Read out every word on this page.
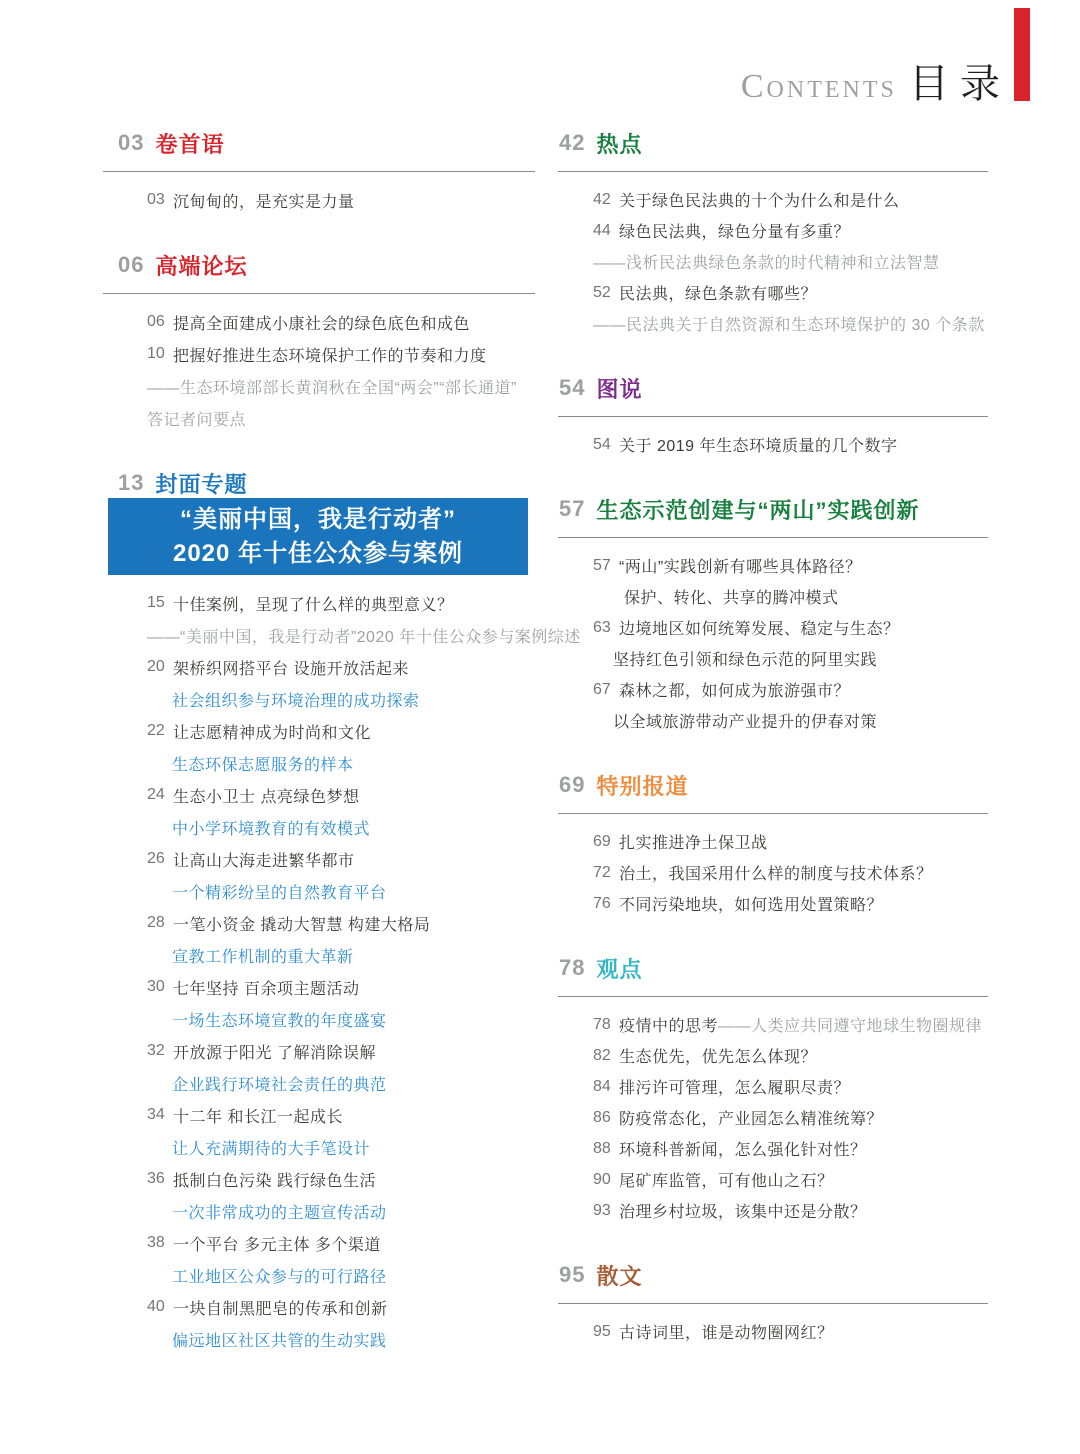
Contents 目 录
03 卷首语
03 沉甸甸的，是充实是力量
06 高端论坛
06 提高全面建成小康社会的绿色底色和成色
10 把握好推进生态环境保护工作的节奏和力度
——生态环境部部长黄润秋在全国“两会”“部长通道”
答记者问要点
13 封面专题
“美丽中国，我是行动者”
2020 年十佳公众参与案例
15 十佳案例，呈现了什么样的典型意义？
——“美丽中国，我是行动者”2020 年十佳公众参与案例综述
20 架桥织网搭平台 设施开放活起来
社会组织参与环境治理的成功探索
22 让志愿精神成为时尚和文化
生态环保志愿服务的样本
24 生态小卫士 点亮绿色梦想
中小学环境教育的有效模式
26 让高山大海走进繁华都市
一个精彩纷呈的自然教育平台
28 一笔小资金 撬动大智慧 构建大格局
宣教工作机制的重大革新
30 七年坚持 百余项主题活动
一场生态环境宣教的年度盛宴
32 开放源于阳光 了解消除误解
企业践行环境社会责任的典范
34 十二年 和长江一起成长
让人充满期待的大手笔设计
36 抵制白色污染 践行绿色生活
一次非常成功的主题宣传活动
38 一个平台 多元主体 多个渠道
工业地区公众参与的可行路径
40 一块自制黑肥皂的传承和创新
偏远地区社区共管的生动实践
42 热点
42 关于绿色民法典的十个为什么和是什么
44 绿色民法典，绿色分量有多重？
——浅析民法典绿色条款的时代精神和立法智慧
52 民法典，绿色条款有哪些？
——民法典关于自然资源和生态环境保护的 30 个条款
54 图说
54 关于 2019 年生态环境质量的几个数字
57 生态示范创建与“两山”实践创新
57 “两山”实践创新有哪些具体路径？
保护、转化、共享的腾冲模式
63 边境地区如何统筹发展、稳定与生态？
坚持红色引领和绿色示范的阿里实践
67 森林之都，如何成为旅游强市？
以全域旅游带动产业提升的伊春对策
69 特别报道
69 扎实推进净土保卫战
72 治土，我国采用什么样的制度与技术体系？
76 不同污染地块，如何选用处置策略？
78 观点
78 疫情中的思考 ——人类应共同遵守地球生物圈规律
82 生态优先，优先怎么体现？
84 排污许可管理，怎么履职尽责？
86 防疫常态化，产业园怎么精准统筹？
88 环境科普新闻，怎么强化针对性？
90 尾矿库监管，可有他山之石？
93 治理乡村垃圾，该集中还是分散？
95 散文
95 古诗词里，谁是动物圈网红？
